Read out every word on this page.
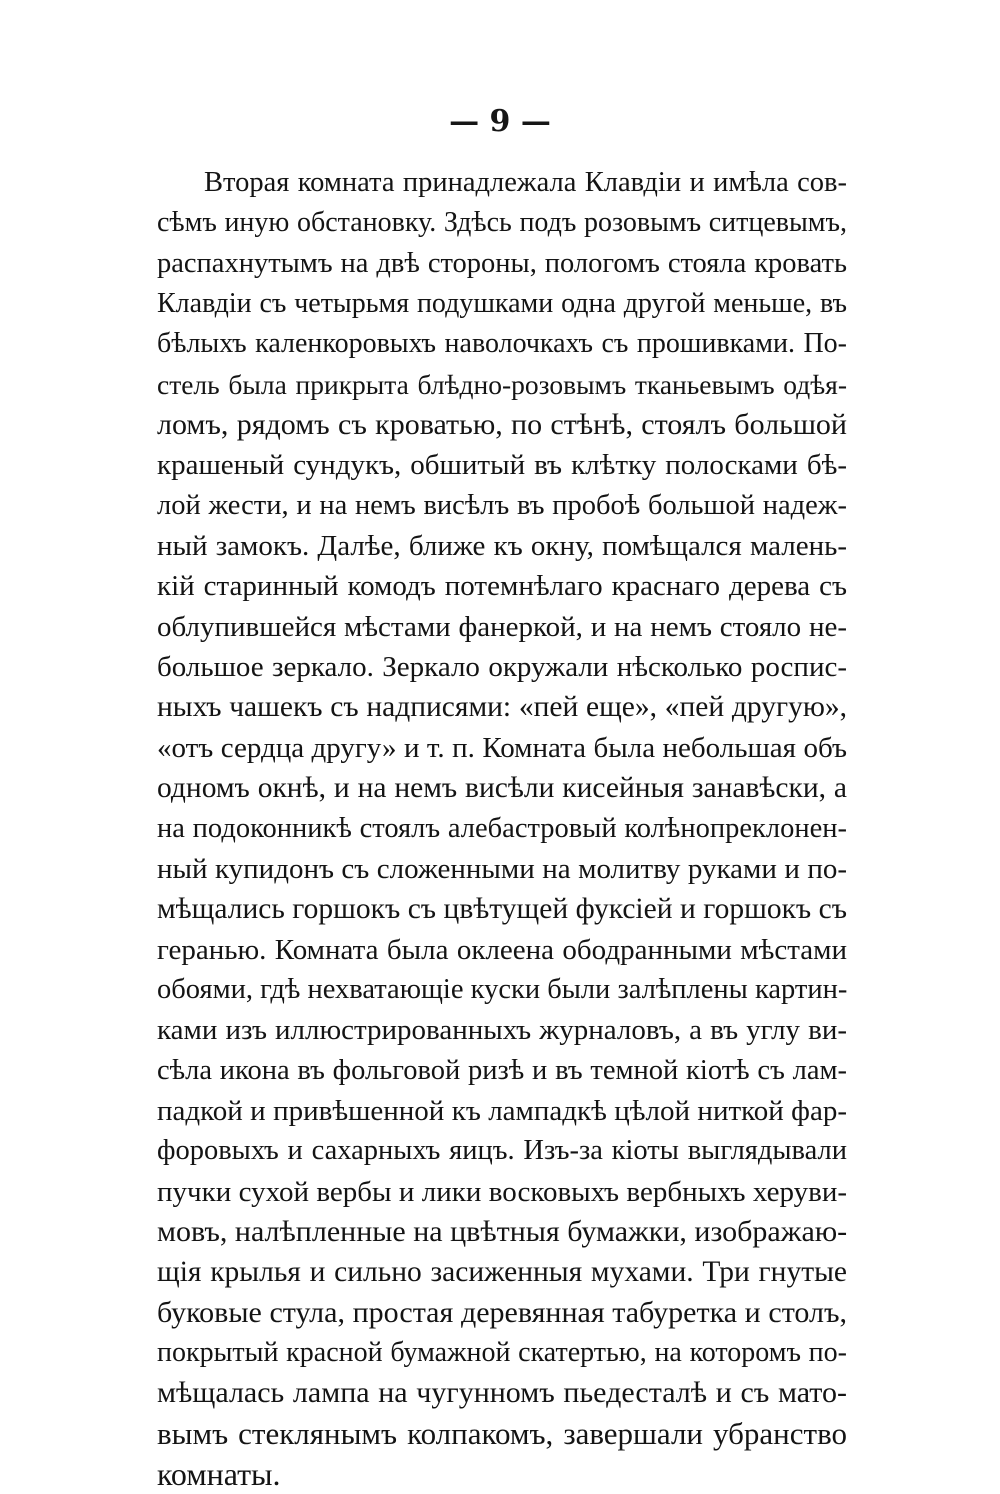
— 9 —
Вторая комната принадлежала Клавдіи и имѣла сов-
сѣмъ иную обстановку. Здѣсь подъ розовымъ ситцевымъ,
распахнутымъ на двѣ стороны, пологомъ стояла кровать
Клавдіи съ четырьмя подушками одна другой меньше, въ
бѣлыхъ каленкоровыхъ наволочкахъ съ прошивками. По-
стель была прикрыта блѣдно-розовымъ тканьевымъ одѣя-
ломъ, рядомъ съ кроватью, по стѣнѣ, стоялъ большой
крашеный сундукъ, обшитый въ клѣтку полосками бѣ-
лой жести, и на немъ висѣлъ въ пробоѣ большой надеж-
ный замокъ. Далѣе, ближе къ окну, помѣщался малень-
кій старинный комодъ потемнѣлаго краснаго дерева съ
облупившейся мѣстами фанеркой, и на немъ стояло не-
большое зеркало. Зеркало окружали нѣсколько роспис-
ныхъ чашекъ съ надписями: «пей еще», «пей другую»,
«отъ сердца другу» и т. п. Комната была небольшая объ
одномъ окнѣ, и на немъ висѣли кисейныя занавѣски, а
на подоконникѣ стоялъ алебастровый колѣнопреклонен-
ный купидонъ съ сложенными на молитву руками и по-
мѣщались горшокъ съ цвѣтущей фуксіей и горшокъ съ
геранью. Комната была оклеена ободранными мѣстами
обоями, гдѣ нехватающіе куски были залѣплены картин-
ками изъ иллюстрированныхъ журналовъ, а въ углу ви-
сѣла икона въ фольговой ризѣ и въ темной кіотѣ съ лам-
падкой и привѣшенной къ лампадкѣ цѣлой ниткой фар-
форовыхъ и сахарныхъ яицъ. Изъ-за кіоты выглядывали
пучки сухой вербы и лики восковыхъ вербныхъ херуви-
мовъ, налѣпленные на цвѣтныя бумажки, изображаю-
щія крылья и сильно засиженныя мухами. Три гнутые
буковые стула, простая деревянная табуретка и столъ,
покрытый красной бумажной скатертью, на которомъ по-
мѣщалась лампа на чугунномъ пьедесталѣ и съ мато-
вымъ стеклянымъ колпакомъ, завершали убранство
комнаты.
